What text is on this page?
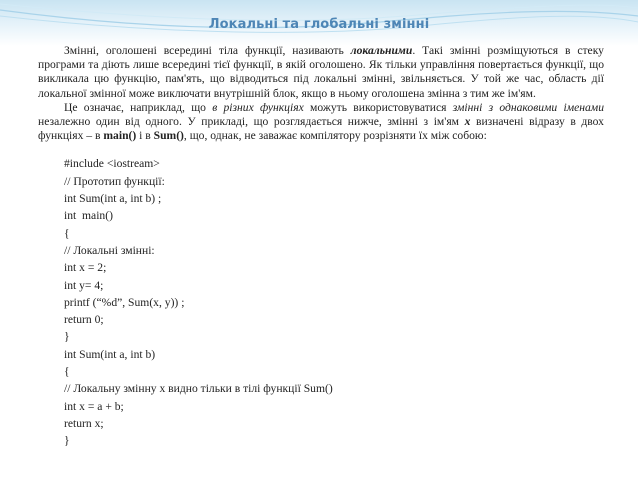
Локальні та глобальні змінні

Змінні, оголошені всередині тіла функції, називають локальними. Такі змінні розміщуються в стеку програми та діють лише всередині тієї функції, в якій оголошено. Як тільки управління повертається функції, що викликала цю функцію, пам'ять, що відводиться під локальні змінні, звільняється. У той же час, область дії локальної змінної може виключати внутрішній блок, якщо в ньому оголошена змінна з тим же ім'ям.

Це означає, наприклад, що в різних функціях можуть використовуватися змінні з однаковими іменами незалежно один від одного. У прикладі, що розглядається нижче, змінні з ім'ям x визначені відразу в двох функціях – в main() і в Sum(), що, однак, не заважає компілятору розрізняти їх між собою:

#include <iostream>
// Прототип функції:
int Sum(int a, int b) ;
int  main()
{
// Локальні змінні:
int x = 2;
int y= 4;
printf (“%d”, Sum(x, y)) ;
return 0;
}
int Sum(int a, int b)
{
// Локальну змінну x видно тільки в тілі функції Sum()
int x = a + b;
return x;
}
